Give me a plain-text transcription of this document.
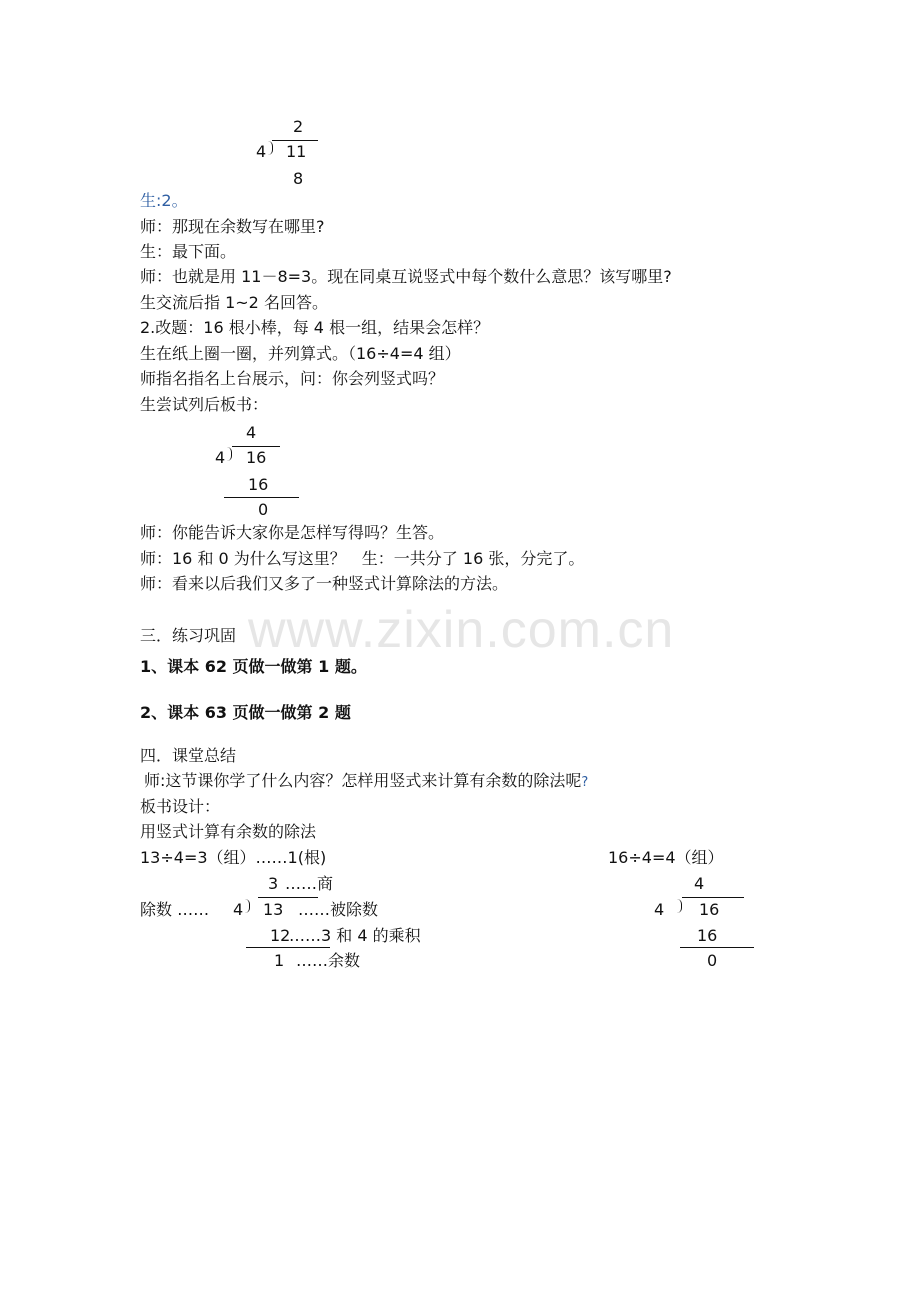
www.zixin.com.cn
2
4 11
8
生:2。
师：那现在余数写在哪里?
生：最下面。
师：也就是用 11－8=3。现在同桌互说竖式中每个数什么意思？该写哪里?
生交流后指 1~2 名回答。
2.改题：16 根小棒，每 4 根一组，结果会怎样？
生在纸上圈一圈，并列算式。（16÷4=4 组）
师指名指名上台展示，问：你会列竖式吗？
生尝试列后板书：
4
4 16
16
0
师：你能告诉大家你是怎样写得吗？生答。
师：16 和 0 为什么写这里？　生：一共分了 16 张，分完了。
师：看来以后我们又多了一种竖式计算除法的方法。
三．练习巩固
1、课本 62 页做一做第 1 题。
2、课本 63 页做一做第 2 题
四．课堂总结
师:这节课你学了什么内容？怎样用竖式来计算有余数的除法呢?
板书设计：
用竖式计算有余数的除法
13÷4=3（组）……1(根)
3 ……商
除数 …… 4 13 ……被除数
12
……3 和 4 的乘积
1 ……余数
16÷4=4（组）
4
4 16
16
0
